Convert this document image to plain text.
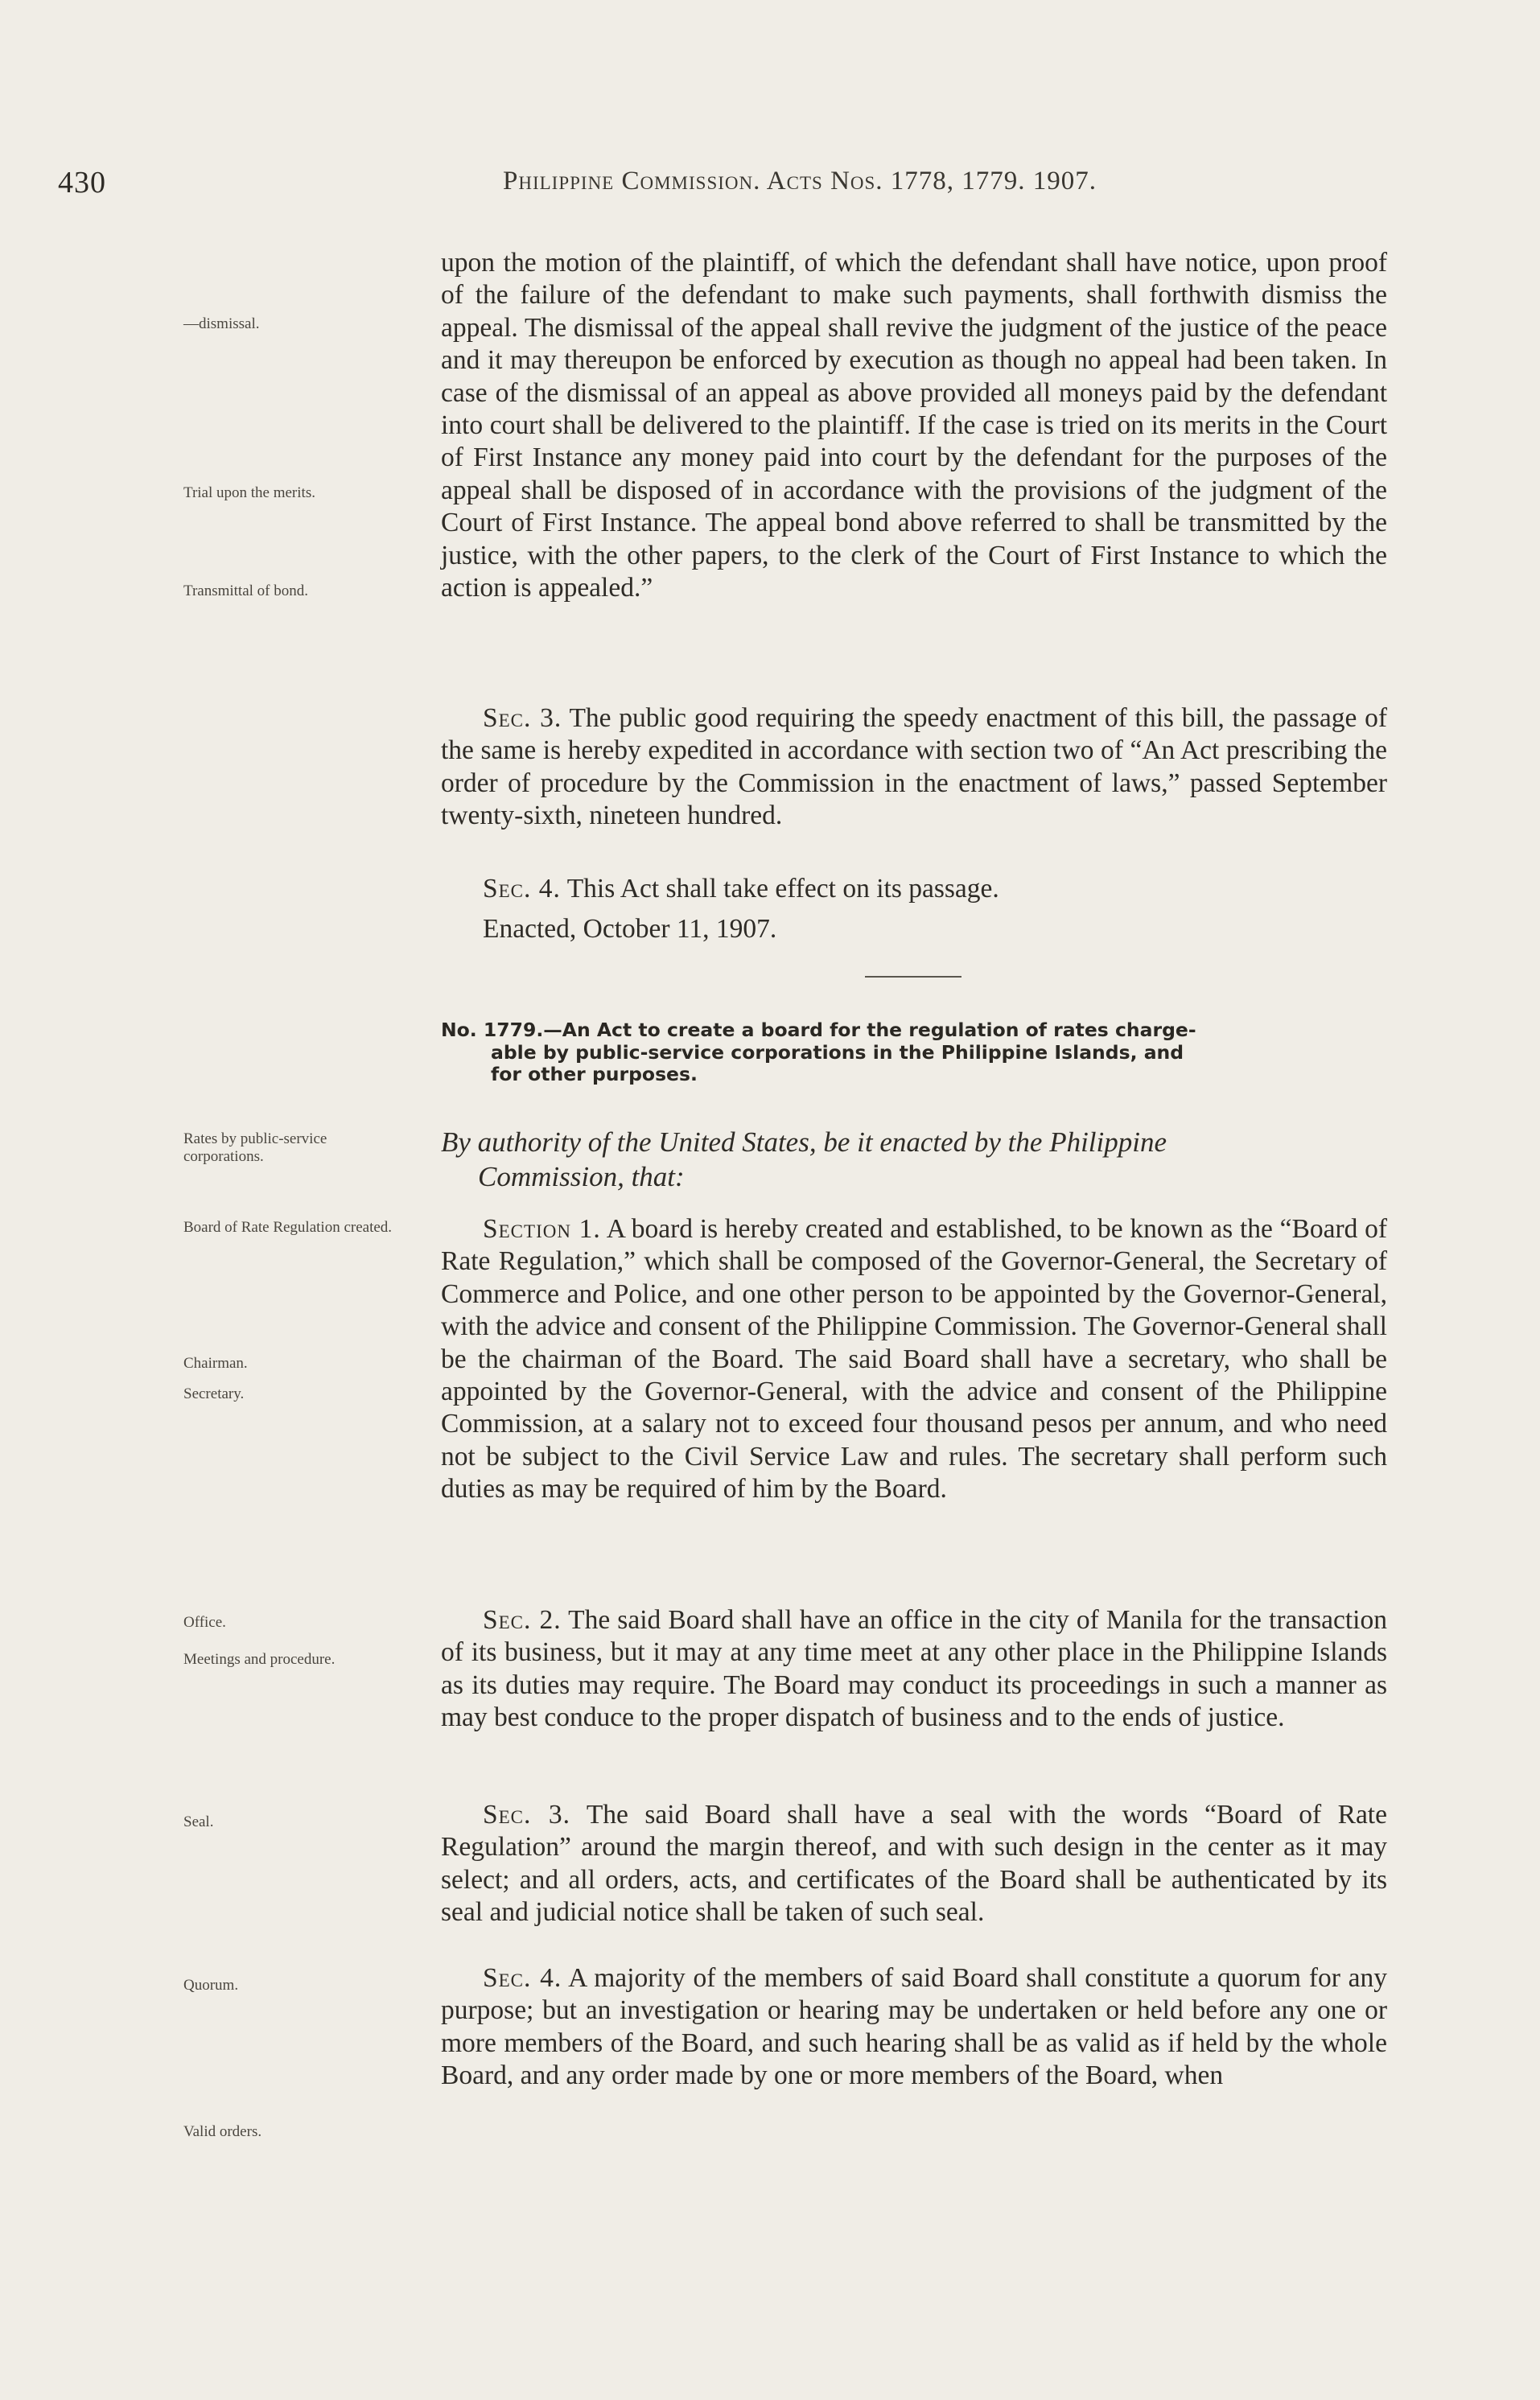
430	Philippine Commission. Acts Nos. 1778, 1779. 1907.
—dismissal.
Trial upon the merits.
Transmittal of bond.
Rates by public-service corporations.
Board of Rate Regulation created.
Chairman.
Secretary.
Office.
Meetings and procedure.
Seal.
Quorum.
Valid orders.
upon the motion of the plaintiff, of which the defendant shall have notice, upon proof of the failure of the defendant to make such payments, shall forthwith dismiss the appeal. The dismissal of the appeal shall revive the judgment of the justice of the peace and it may thereupon be enforced by execution as though no appeal had been taken. In case of the dismissal of an appeal as above provided all moneys paid by the defendant into court shall be delivered to the plaintiff. If the case is tried on its merits in the Court of First Instance any money paid into court by the defendant for the purposes of the appeal shall be disposed of in accordance with the provisions of the judgment of the Court of First Instance. The appeal bond above referred to shall be transmitted by the justice, with the other papers, to the clerk of the Court of First Instance to which the action is appealed.”
Sec. 3. The public good requiring the speedy enactment of this bill, the passage of the same is hereby expedited in accordance with section two of “An Act prescribing the order of procedure by the Commission in the enactment of laws,” passed September twenty-sixth, nineteen hundred.
Sec. 4. This Act shall take effect on its passage.
Enacted, October 11, 1907.
No. 1779.—An Act to create a board for the regulation of rates charge-
able by public-service corporations in the Philippine Islands, and
for other purposes.
By authority of the United States, be it enacted by the Philippine
Commission, that:
Section 1. A board is hereby created and established, to be known as the “Board of Rate Regulation,” which shall be composed of the Governor-General, the Secretary of Commerce and Police, and one other person to be appointed by the Governor-General, with the advice and consent of the Philippine Commission. The Governor-General shall be the chairman of the Board. The said Board shall have a secretary, who shall be appointed by the Governor-General, with the advice and consent of the Philippine Commission, at a salary not to exceed four thousand pesos per annum, and who need not be subject to the Civil Service Law and rules. The secretary shall perform such duties as may be required of him by the Board.
Sec. 2. The said Board shall have an office in the city of Manila for the transaction of its business, but it may at any time meet at any other place in the Philippine Islands as its duties may require. The Board may conduct its proceedings in such a manner as may best conduce to the proper dispatch of business and to the ends of justice.
Sec. 3. The said Board shall have a seal with the words “Board of Rate Regulation” around the margin thereof, and with such design in the center as it may select; and all orders, acts, and certificates of the Board shall be authenticated by its seal and judicial notice shall be taken of such seal.
Sec. 4. A majority of the members of said Board shall constitute a quorum for any purpose; but an investigation or hearing may be undertaken or held before any one or more members of the Board, and such hearing shall be as valid as if held by the whole Board, and any order made by one or more members of the Board, when
